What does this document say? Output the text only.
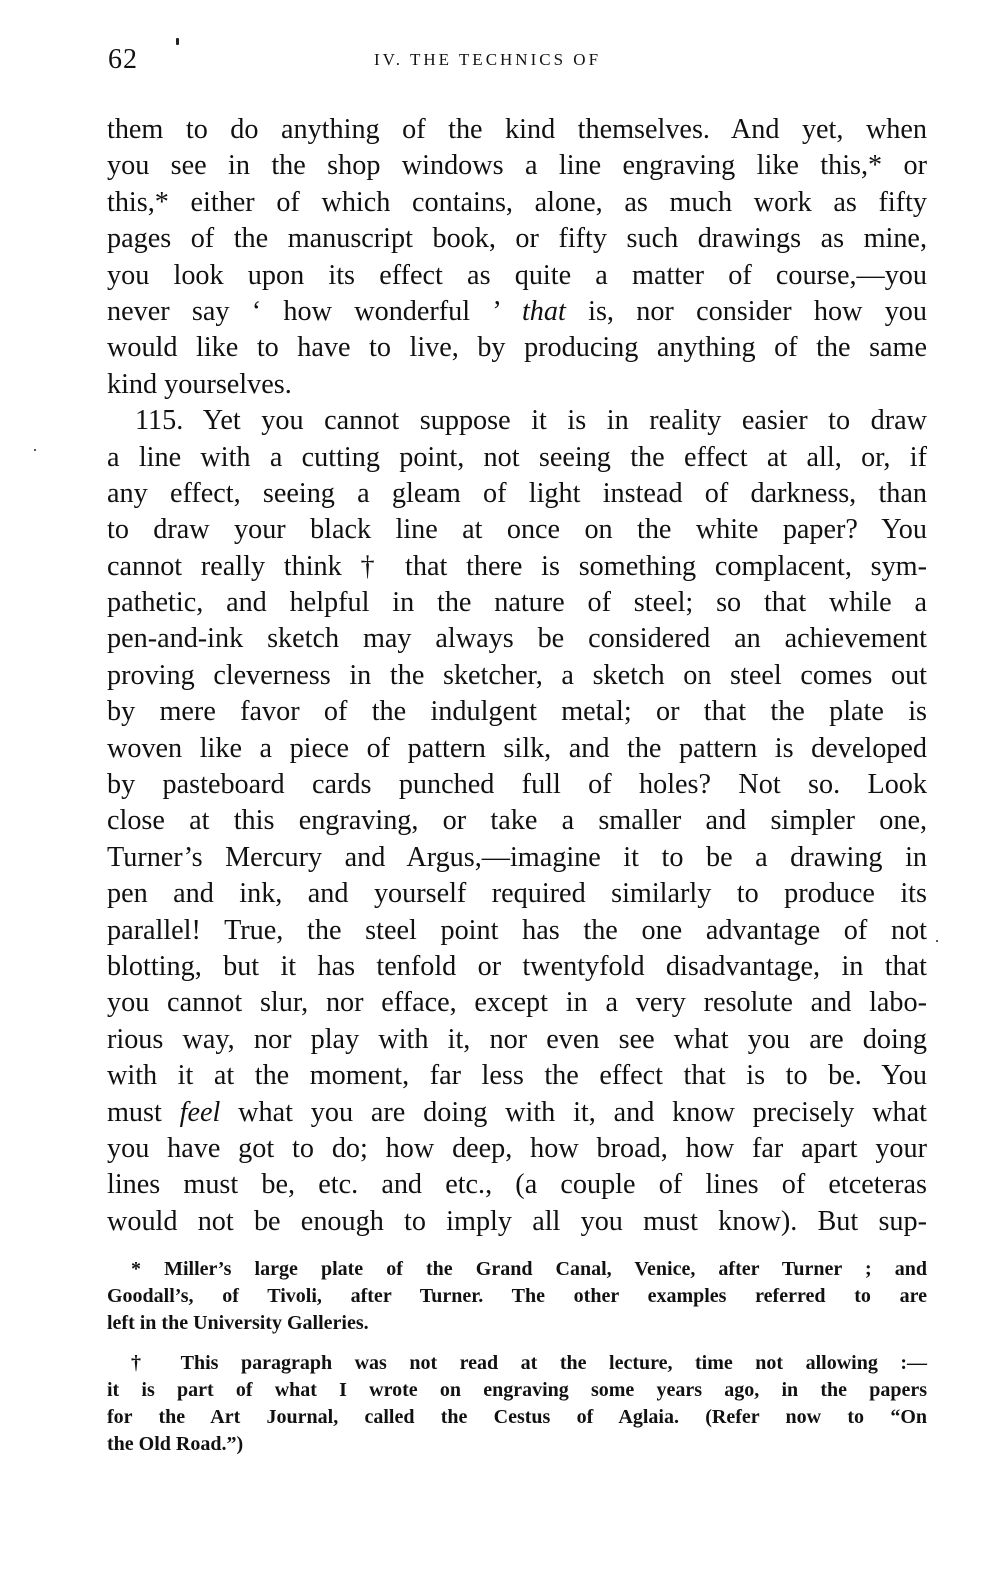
62	IV. THE TECHNICS OF
them to do anything of the kind themselves. And yet, when
you see in the shop windows a line engraving like this,* or
this,* either of which contains, alone, as much work as fifty
pages of the manuscript book, or fifty such drawings as mine,
you look upon its effect as quite a matter of course,—you
never say ‘ how wonderful ’ that is, nor consider how you
would like to have to live, by producing anything of the same
kind yourselves.
115. Yet you cannot suppose it is in reality easier to draw
a line with a cutting point, not seeing the effect at all, or, if
any effect, seeing a gleam of light instead of darkness, than
to draw your black line at once on the white paper? You
cannot really think † that there is something complacent, sym-
pathetic, and helpful in the nature of steel; so that while a
pen-and-ink sketch may always be considered an achievement
proving cleverness in the sketcher, a sketch on steel comes out
by mere favor of the indulgent metal; or that the plate is
woven like a piece of pattern silk, and the pattern is developed
by pasteboard cards punched full of holes? Not so. Look
close at this engraving, or take a smaller and simpler one,
Turner’s Mercury and Argus,—imagine it to be a drawing in
pen and ink, and yourself required similarly to produce its
parallel! True, the steel point has the one advantage of not
blotting, but it has tenfold or twentyfold disadvantage, in that
you cannot slur, nor efface, except in a very resolute and labo-
rious way, nor play with it, nor even see what you are doing
with it at the moment, far less the effect that is to be. You
must feel what you are doing with it, and know precisely what
you have got to do; how deep, how broad, how far apart your
lines must be, etc. and etc., (a couple of lines of etceteras
would not be enough to imply all you must know). But sup-
* Miller’s large plate of the Grand Canal, Venice, after Turner ; and
Goodall’s, of Tivoli, after Turner. The other examples referred to are
left in the University Galleries.
† This paragraph was not read at the lecture, time not allowing :—
it is part of what I wrote on engraving some years ago, in the papers
for the Art Journal, called the Cestus of Aglaia. (Refer now to “On
the Old Road.”)
